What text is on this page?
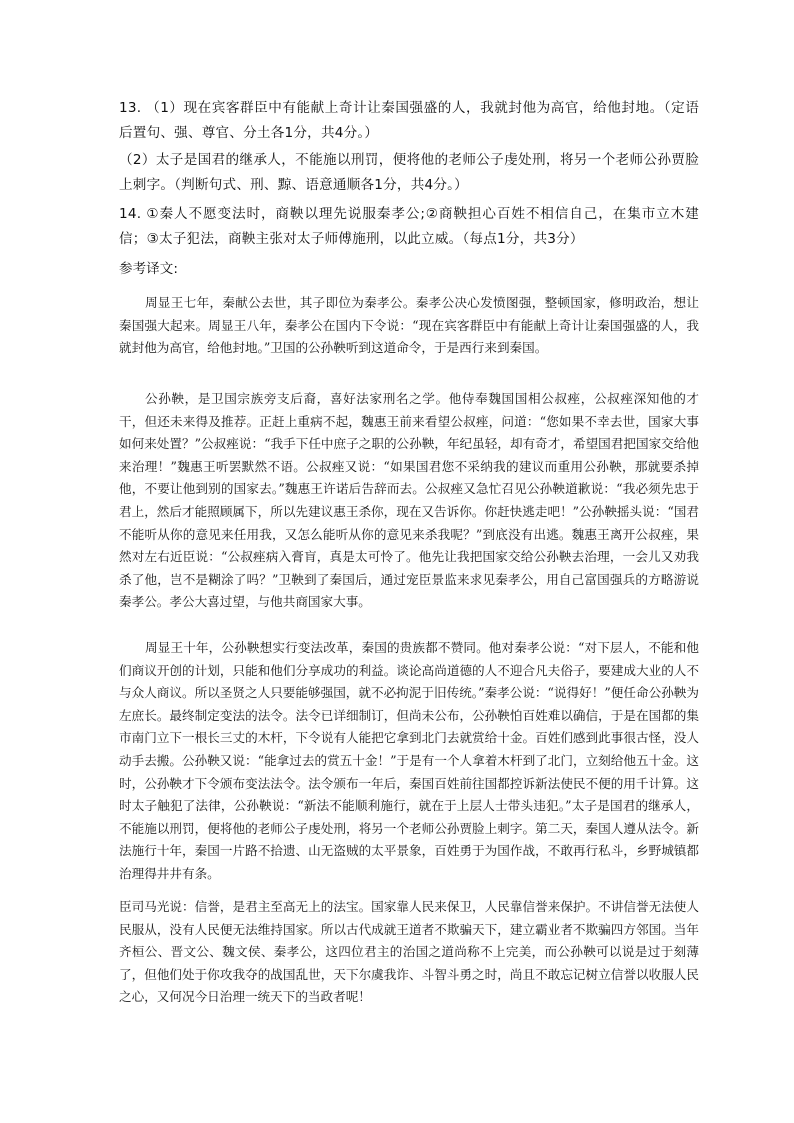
13. （1）现在宾客群臣中有能献上奇计让秦国强盛的人，我就封他为高官，给他封地。（定语后置句、强、尊官、分土各1分，共4分。）

（2）太子是国君的继承人，不能施以刑罚，便将他的老师公子虔处刑，将另一个老师公孙贾脸上刺字。（判断句式、刑、黥、语意通顺各1分，共4分。）

14. ①秦人不愿变法时，商鞅以理先说服秦孝公;②商鞅担心百姓不相信自己，在集市立木建信；③太子犯法，商鞅主张对太子师傅施刑，以此立威。（每点1分，共3分）

参考译文:

周显王七年，秦献公去世，其子即位为秦孝公。秦孝公决心发愤图强，整顿国家，修明政治，想让秦国强大起来。周显王八年，秦孝公在国内下令说：“现在宾客群臣中有能献上奇计让秦国强盛的人，我就封他为高官，给他封地。”卫国的公孙鞅听到这道命令，于是西行来到秦国。

公孙鞅，是卫国宗族旁支后裔，喜好法家刑名之学。他侍奉魏国国相公叔痤，公叔痤深知他的才干，但还未来得及推荐。正赶上重病不起，魏惠王前来看望公叔痤，问道：“您如果不幸去世，国家大事如何来处置？”公叔痤说：“我手下任中庶子之职的公孙鞅，年纪虽轻，却有奇才，希望国君把国家交给他来治理！”魏惠王听罢默然不语。公叔痤又说：“如果国君您不采纳我的建议而重用公孙鞅，那就要杀掉他，不要让他到别的国家去。”魏惠王许诺后告辞而去。公叔痤又急忙召见公孙鞅道歉说：“我必须先忠于君上，然后才能照顾属下，所以先建议惠王杀你，现在又告诉你。你赶快逃走吧！”公孙鞅摇头说：“国君不能听从你的意见来任用我，又怎么能听从你的意见来杀我呢？”到底没有出逃。魏惠王离开公叔痤，果然对左右近臣说：“公叔痤病入膏肓，真是太可怜了。他先让我把国家交给公孙鞅去治理，一会儿又劝我杀了他，岂不是糊涂了吗？”卫鞅到了秦国后，通过宠臣景监来求见秦孝公，用自己富国强兵的方略游说秦孝公。孝公大喜过望，与他共商国家大事。

周显王十年，公孙鞅想实行变法改革，秦国的贵族都不赞同。他对秦孝公说：“对下层人，不能和他们商议开创的计划，只能和他们分享成功的利益。谈论高尚道德的人不迎合凡夫俗子，要建成大业的人不与众人商议。所以圣贤之人只要能够强国，就不必拘泥于旧传统。”秦孝公说：“说得好！”便任命公孙鞅为左庶长。最终制定变法的法令。法令已详细制订，但尚未公布，公孙鞅怕百姓难以确信，于是在国都的集市南门立下一根长三丈的木杆，下令说有人能把它拿到北门去就赏给十金。百姓们感到此事很古怪，没人动手去搬。公孙鞅又说：“能拿过去的赏五十金！”于是有一个人拿着木杆到了北门，立刻给他五十金。这时，公孙鞅才下令颁布变法法令。法令颁布一年后，秦国百姓前往国都控诉新法使民不便的用千计算。这时太子触犯了法律，公孙鞅说：“新法不能顺利施行，就在于上层人士带头违犯。”太子是国君的继承人，不能施以刑罚，便将他的老师公子虔处刑，将另一个老师公孙贾脸上刺字。第二天，秦国人遵从法令。新法施行十年，秦国一片路不拾遗、山无盗贼的太平景象，百姓勇于为国作战，不敢再行私斗，乡野城镇都治理得井井有条。

臣司马光说：信誉，是君主至高无上的法宝。国家靠人民来保卫，人民靠信誉来保护。不讲信誉无法使人民服从，没有人民便无法维持国家。所以古代成就王道者不欺骗天下，建立霸业者不欺骗四方邻国。当年齐桓公、晋文公、魏文侯、秦孝公，这四位君主的治国之道尚称不上完美，而公孙鞅可以说是过于刻薄了，但他们处于你攻我夺的战国乱世，天下尔虞我诈、斗智斗勇之时，尚且不敢忘记树立信誉以收服人民之心，又何况今日治理一统天下的当政者呢！
